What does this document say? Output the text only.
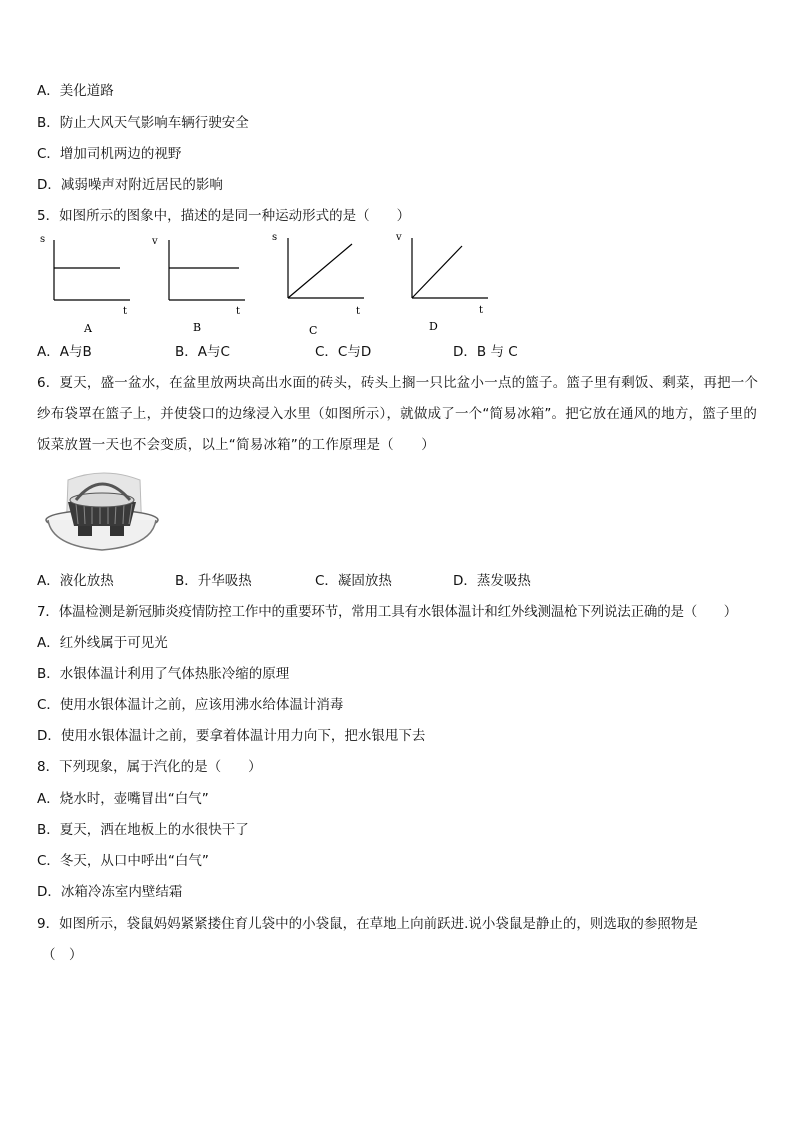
A．美化道路
B．防止大风天气影响车辆行驶安全
C．增加司机两边的视野
D．减弱噪声对附近居民的影响
5．如图所示的图象中，描述的是同一种运动形式的是（　　）
s
t
A
v
t
B
s
t
C
v
t
D
A．A与B	B．A与C	C．C与D	D．B 与 C
6．夏天，盛一盆水，在盆里放两块高出水面的砖头，砖头上搁一只比盆小一点的篮子。篮子里有剩饭、剩菜，再把一个纱布袋罩在篮子上，并使袋口的边缘浸入水里（如图所示），就做成了一个“简易冰箱”。把它放在通风的地方，篮子里的饭菜放置一天也不会变质，以上“简易冰箱”的工作原理是（　　）
A．液化放热	B．升华吸热	C．凝固放热	D．蒸发吸热
7．体温检测是新冠肺炎疫情防控工作中的重要环节，常用工具有水银体温计和红外线测温枪下列说法正确的是（　　）
A．红外线属于可见光
B．水银体温计利用了气体热胀冷缩的原理
C．使用水银体温计之前，应该用沸水给体温计消毒
D．使用水银体温计之前，要拿着体温计用力向下，把水银甩下去
8．下列现象，属于汽化的是（　　）
A．烧水时，壶嘴冒出“白气”
B．夏天，洒在地板上的水很快干了
C．冬天，从口中呼出“白气”
D．冰箱冷冻室内壁结霜
9．如图所示，袋鼠妈妈紧紧搂住育儿袋中的小袋鼠，在草地上向前跃进.说小袋鼠是静止的，则选取的参照物是
（　）
